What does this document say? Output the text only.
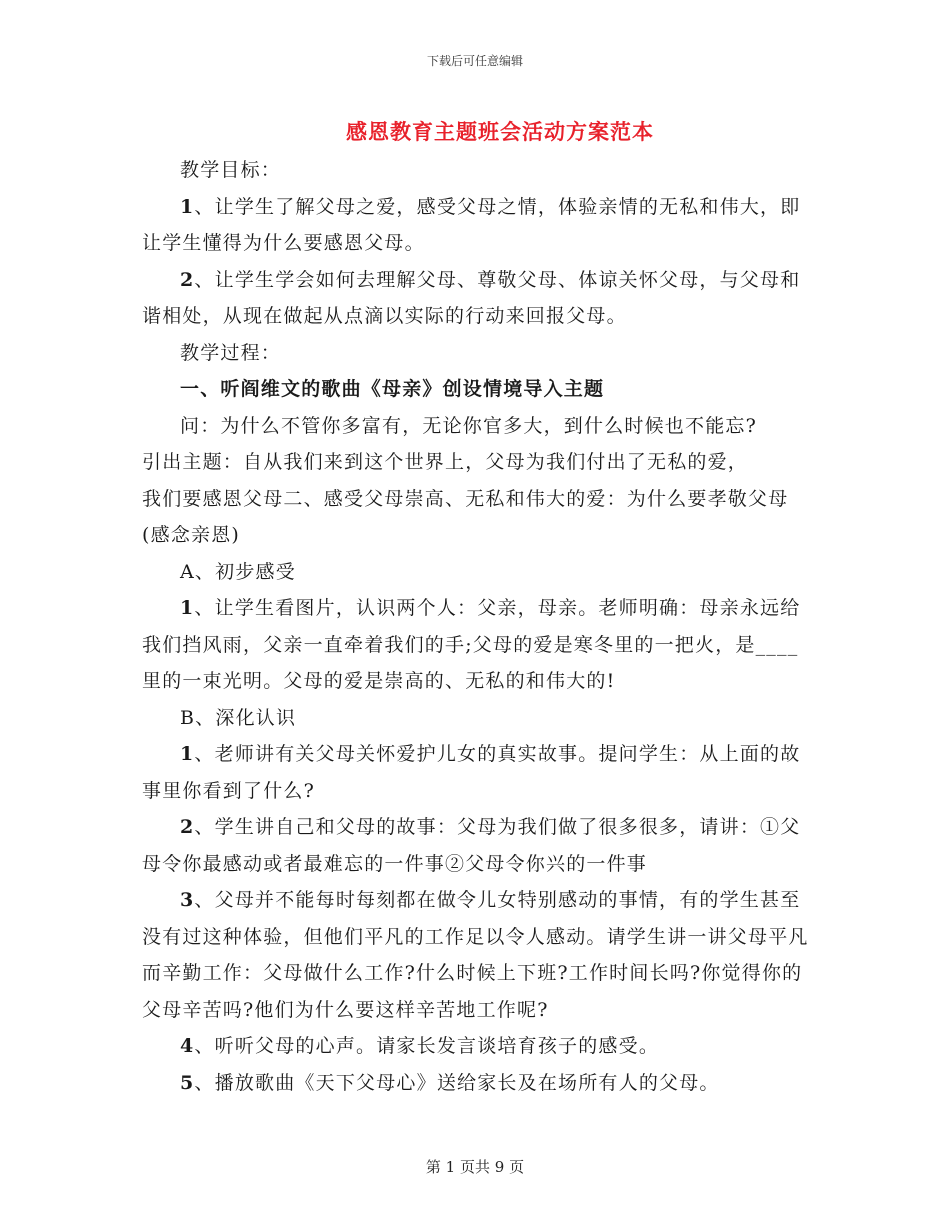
下载后可任意编辑
感恩教育主题班会活动方案范本

教学目标：

1、让学生了解父母之爱，感受父母之情，体验亲情的无私和伟大，即让学生懂得为什么要感恩父母。

2、让学生学会如何去理解父母、尊敬父母、体谅关怀父母，与父母和谐相处，从现在做起从点滴以实际的行动来回报父母。

教学过程：

一、听阎维文的歌曲《母亲》创设情境导入主题

问：为什么不管你多富有，无论你官多大，到什么时候也不能忘?

引出主题：自从我们来到这个世界上，父母为我们付出了无私的爱，

我们要感恩父母二、感受父母崇高、无私和伟大的爱：为什么要孝敬父母(感念亲恩)

A、初步感受

1、让学生看图片，认识两个人：父亲，母亲。老师明确：母亲永远给我们挡风雨，父亲一直牵着我们的手;父母的爱是寒冬里的一把火，是____里的一束光明。父母的爱是崇高的、无私的和伟大的!

B、深化认识

1、老师讲有关父母关怀爱护儿女的真实故事。提问学生：从上面的故事里你看到了什么?

2、学生讲自己和父母的故事：父母为我们做了很多很多，请讲：①父母令你最感动或者最难忘的一件事②父母令你兴的一件事

3、父母并不能每时每刻都在做令儿女特别感动的事情，有的学生甚至没有过这种体验，但他们平凡的工作足以令人感动。请学生讲一讲父母平凡而辛勤工作：父母做什么工作?什么时候上下班?工作时间长吗?你觉得你的父母辛苦吗?他们为什么要这样辛苦地工作呢?

4、听听父母的心声。请家长发言谈培育孩子的感受。

5、播放歌曲《天下父母心》送给家长及在场所有人的父母。

第 1 页共 9 页
